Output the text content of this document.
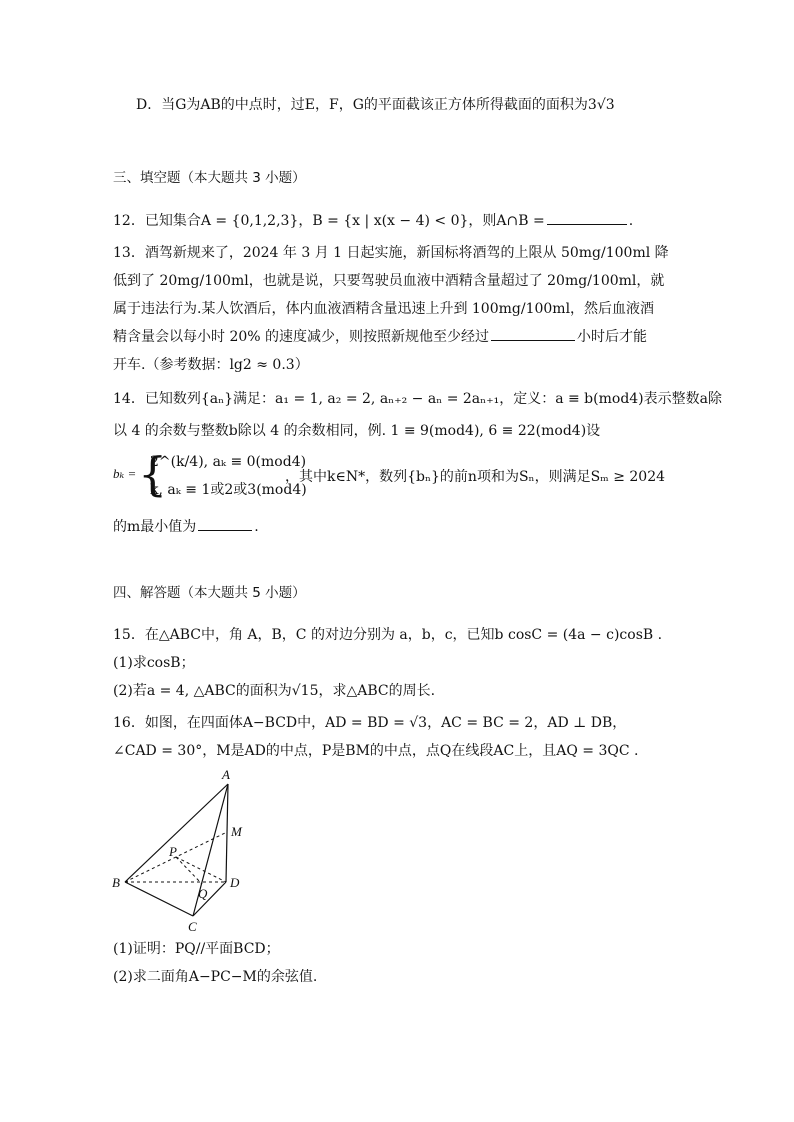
D．当G为AB的中点时，过E，F，G的平面截该正方体所得截面的面积为3√3
三、填空题（本大题共 3 小题）
12．已知集合A = {0,1,2,3}，B = {x | x(x − 4) < 0}，则A∩B =	.
13．酒驾新规来了，2024 年 3 月 1 日起实施，新国标将酒驾的上限从 50mg/100ml 降
低到了 20mg/100ml，也就是说，只要驾驶员血液中酒精含量超过了 20mg/100ml，就
属于违法行为.某人饮酒后，体内血液酒精含量迅速上升到 100mg/100ml，然后血液酒
精含量会以每小时 20% 的速度减少，则按照新规他至少经过	小时后才能
开车.（参考数据：lg2 ≈ 0.3）
14．已知数列{aₙ}满足：a₁ = 1, a₂ = 2, aₙ₊₂ − aₙ = 2aₙ₊₁，定义：a ≡ b(mod4)表示整数a除
以 4 的余数与整数b除以 4 的余数相同，例. 1 ≡ 9(mod4), 6 ≡ 22(mod4)设
bₖ = {
2^(k/4), aₖ ≡ 0(mod4)
k, aₖ ≡ 1或2或3(mod4)
，其中k∈N*，数列{bₙ}的前n项和为Sₙ，则满足Sₘ ≥ 2024
的m最小值为	.
四、解答题（本大题共 5 小题）
15．在△ABC中，角 A，B，C 的对边分别为 a，b，c，已知b cosC = (4a − c)cosB .
(1)求cosB；
(2)若a = 4, △ABC的面积为√15，求△ABC的周长.
16．如图，在四面体A−BCD中，AD = BD = √3，AC = BC = 2，AD ⊥ DB，
∠CAD = 30°，M是AD的中点，P是BM的中点，点Q在线段AC上，且AQ = 3QC .
A
B
C
D
M
P
Q
(1)证明：PQ//平面BCD；
(2)求二面角A−PC−M的余弦值.
